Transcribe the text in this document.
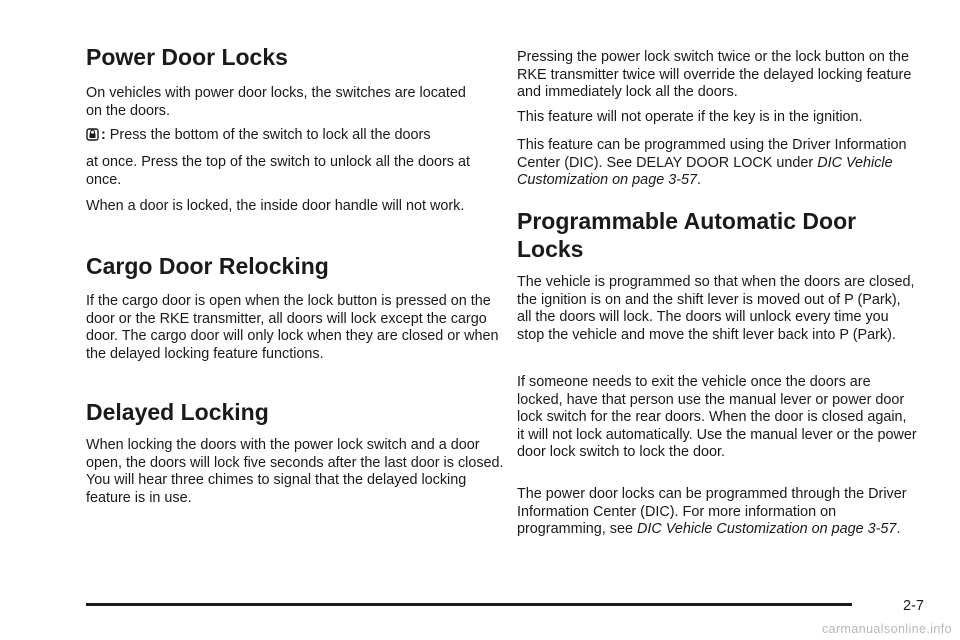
Power Door Locks

On vehicles with power door locks, the switches are located on the doors.

: Press the bottom of the switch to lock all the doors

at once. Press the top of the switch to unlock all the doors at once.

When a door is locked, the inside door handle will not work.

Cargo Door Relocking

If the cargo door is open when the lock button is pressed on the door or the RKE transmitter, all doors will lock except the cargo door. The cargo door will only lock when they are closed or when the delayed locking feature functions.

Delayed Locking

When locking the doors with the power lock switch and a door open, the doors will lock five seconds after the last door is closed. You will hear three chimes to signal that the delayed locking feature is in use.

Pressing the power lock switch twice or the lock button on the RKE transmitter twice will override the delayed locking feature and immediately lock all the doors.

This feature will not operate if the key is in the ignition.

This feature can be programmed using the Driver Information Center (DIC). See DELAY DOOR LOCK under DIC Vehicle Customization on page 3-57.

Programmable Automatic Door
Locks

The vehicle is programmed so that when the doors are closed, the ignition is on and the shift lever is moved out of P (Park), all the doors will lock. The doors will unlock every time you stop the vehicle and move the shift lever back into P (Park).

If someone needs to exit the vehicle once the doors are locked, have that person use the manual lever or power door lock switch for the rear doors. When the door is closed again, it will not lock automatically. Use the manual lever or the power door lock switch to lock the door.

The power door locks can be programmed through the Driver Information Center (DIC). For more information on programming, see DIC Vehicle Customization on page 3-57.

2-7
carmanualsonline.info
